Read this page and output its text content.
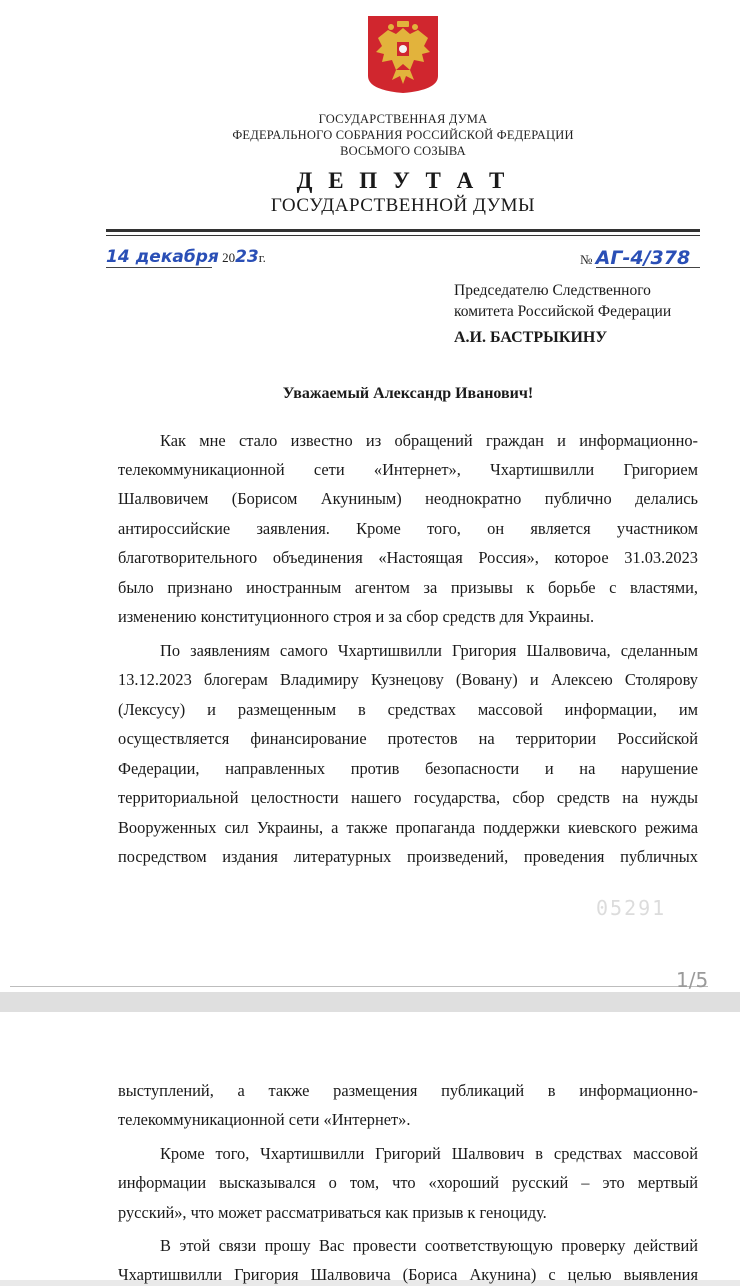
ГОСУДАРСТВЕННАЯ ДУМА
ФЕДЕРАЛЬНОГО СОБРАНИЯ РОССИЙСКОЙ ФЕДЕРАЦИИ
ВОСЬМОГО СОЗЫВА
Д Е П У Т А Т
ГОСУДАРСТВЕННОЙ ДУМЫ
14 декабря 2023г.	№ АГ-4/378
Председателю Следственного
комитета Российской Федерации
А.И. БАСТРЫКИНУ
Уважаемый Александр Иванович!
Как мне стало известно из обращений граждан и информационно-
телекоммуникационной сети «Интернет», Чхартишвилли Григорием
Шалвовичем (Борисом Акуниным) неоднократно публично делались
антироссийские заявления. Кроме того, он является участником
благотворительного объединения «Настоящая Россия», которое 31.03.2023
было признано иностранным агентом за призывы к борьбе с властями,
изменению конституционного строя и за сбор средств для Украины.
По заявлениям самого Чхартишвилли Григория Шалвовича, сделанным
13.12.2023 блогерам Владимиру Кузнецову (Вовану) и Алексею Столярову
(Лексусу) и размещенным в средствах массовой информации, им
осуществляется финансирование протестов на территории Российской
Федерации, направленных против безопасности и на нарушение
территориальной целостности нашего государства, сбор средств на нужды
Вооруженных сил Украины, а также пропаганда поддержки киевского режима
посредством издания литературных произведений, проведения публичных
05291
1/5
выступлений, а также размещения публикаций в информационно-
телекоммуникационной сети «Интернет».
Кроме того, Чхартишвилли Григорий Шалвович в средствах массовой
информации высказывался о том, что «хороший русский – это мертвый
русский», что может рассматриваться как призыв к геноциду.
В этой связи прошу Вас провести соответствующую проверку действий
Чхартишвилли Григория Шалвовича (Бориса Акунина) с целью выявления
